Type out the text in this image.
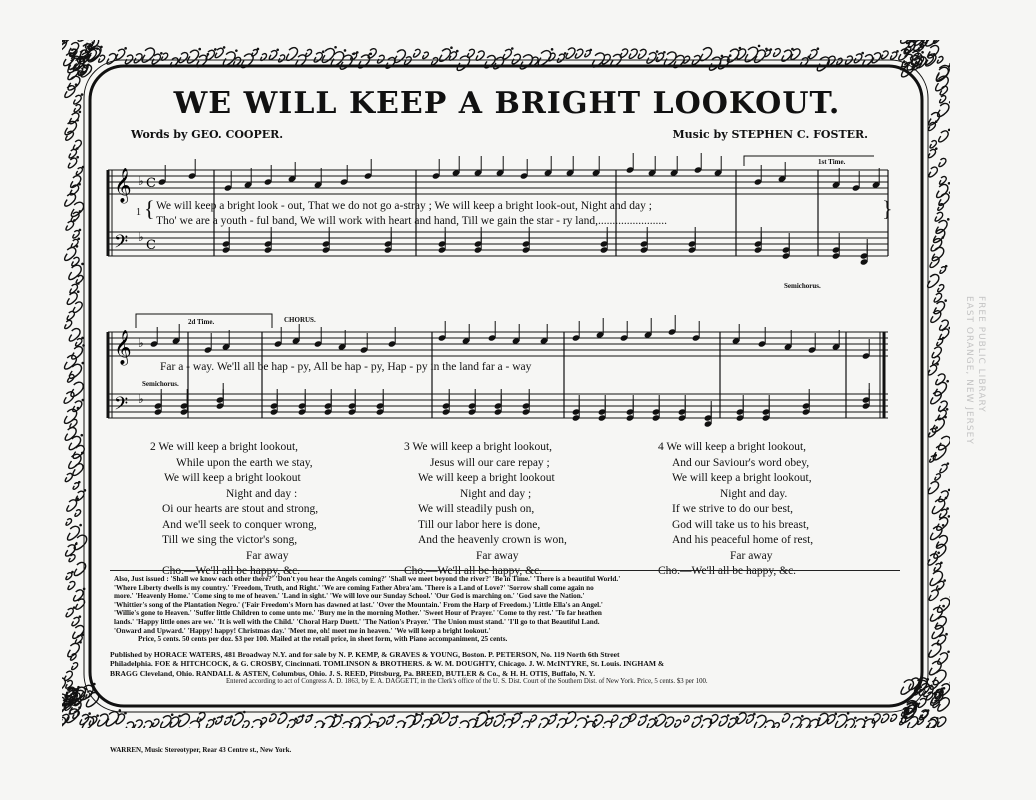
WE WILL KEEP A BRIGHT LOOKOUT.
Words by GEO. COOPER.	Music by STEPHEN C. FOSTER.
𝄞
𝄢
♭
♭
C
C
𝄞
𝄢
♭
♭
1st Time.
2d Time.	CHORUS.
Semichorus.
Semichorus.
1 {	}
We will keep a bright look - out, That we do not go a-stray ; We will keep a bright look-out, Night and day ;
Tho' we are a youth - ful band, We will work with heart and hand, Till we gain the star - ry land,........................
Far a - way. We'll all be hap - py, All be hap - py, Hap - py in the land far a - way
2 We will keep a bright lookout,
While upon the earth we stay,
We will keep a bright lookout
Night and day :
Oi our hearts are stout and strong,
And we'll seek to conquer wrong,
Till we sing the victor's song,
Far away
Cho.—We'll all be happy, &c.
3 We will keep a bright lookout,
Jesus will our care repay ;
We will keep a bright lookout
Night and day ;
We will steadily push on,
Till our labor here is done,
And the heavenly crown is won,
Far away
Cho.—We'll all be happy, &c.
4 We will keep a bright lookout,
And our Saviour's word obey,
We will keep a bright lookout,
Night and day.
If we strive to do our best,
God will take us to his breast,
And his peaceful home of rest,
Far away
Cho.—We'll all be happy, &c.
Also, Just issued : 'Shall we know each other there?' 'Don't you hear the Angels coming?' 'Shall we meet beyond the river?' 'Be in Time.' 'There is a beautiful World.'
'Where Liberty dwells is my country.' 'Freedom, Truth, and Right.' 'We are coming Father Abra'am. 'There is a Land of Love?' 'Sorrow shall come again no
more.' 'Heavenly Home.' 'Come sing to me of heaven.' 'Land in sight.' 'We will love our Sunday School.' 'Our God is marching on.' 'God save the Nation.'
'Whittier's song of the Plantation Negro.' ('Fair Freedom's Morn has dawned at last.' 'Over the Mountain.' From the Harp of Freedom.) 'Little Ella's an Angel.'
'Willie's gone to Heaven.' 'Suffer little Children to come unto me.' 'Bury me in the morning Mother.' 'Sweet Hour of Prayer.' 'Come to thy rest.' 'To far heathen
lands.' 'Happy little ones are we.' 'It is well with the Child.' 'Choral Harp Duett.' 'The Nation's Prayer.' 'The Union must stand.' 'I'll go to that Beautiful Land.
'Onward and Upward.' 'Happy! happy! Christmas day.' 'Meet me, oh! meet me in heaven.' 'We will keep a bright lookout.'
Price, 5 cents. 50 cents per doz. $3 per 100. Mailed at the retail price, in sheet form, with Piano accompaniment, 25 cents.
Published by HORACE WATERS, 481 Broadway N.Y. and for sale by N. P. KEMP, & GRAVES & YOUNG, Boston. P. PETERSON, No. 119 North 6th Street
Philadelphia. FOE & HITCHCOCK, & G. CROSBY, Cincinnati. TOMLINSON & BROTHERS. & W. M. DOUGHTY, Chicago. J. W. McINTYRE, St. Louis. INGHAM &
BRAGG Cleveland, Ohio. RANDALL & ASTEN, Columbus, Ohio. J. S. REED, Pittsburg, Pa. BREED, BUTLER & Co., & H. H. OTIS, Buffalo, N. Y.
Entered according to act of Congress A. D. 1863, by E. A. DAGGETT, in the Clerk's office of the U. S. Dist. Court of the Southern Dist. of New York. Price, 5 cents. $3 per 100.
WARREN, Music Stereotyper, Rear 43 Centre st., New York.
FREE PUBLIC LIBRARY
EAST ORANGE, NEW JERSEY
